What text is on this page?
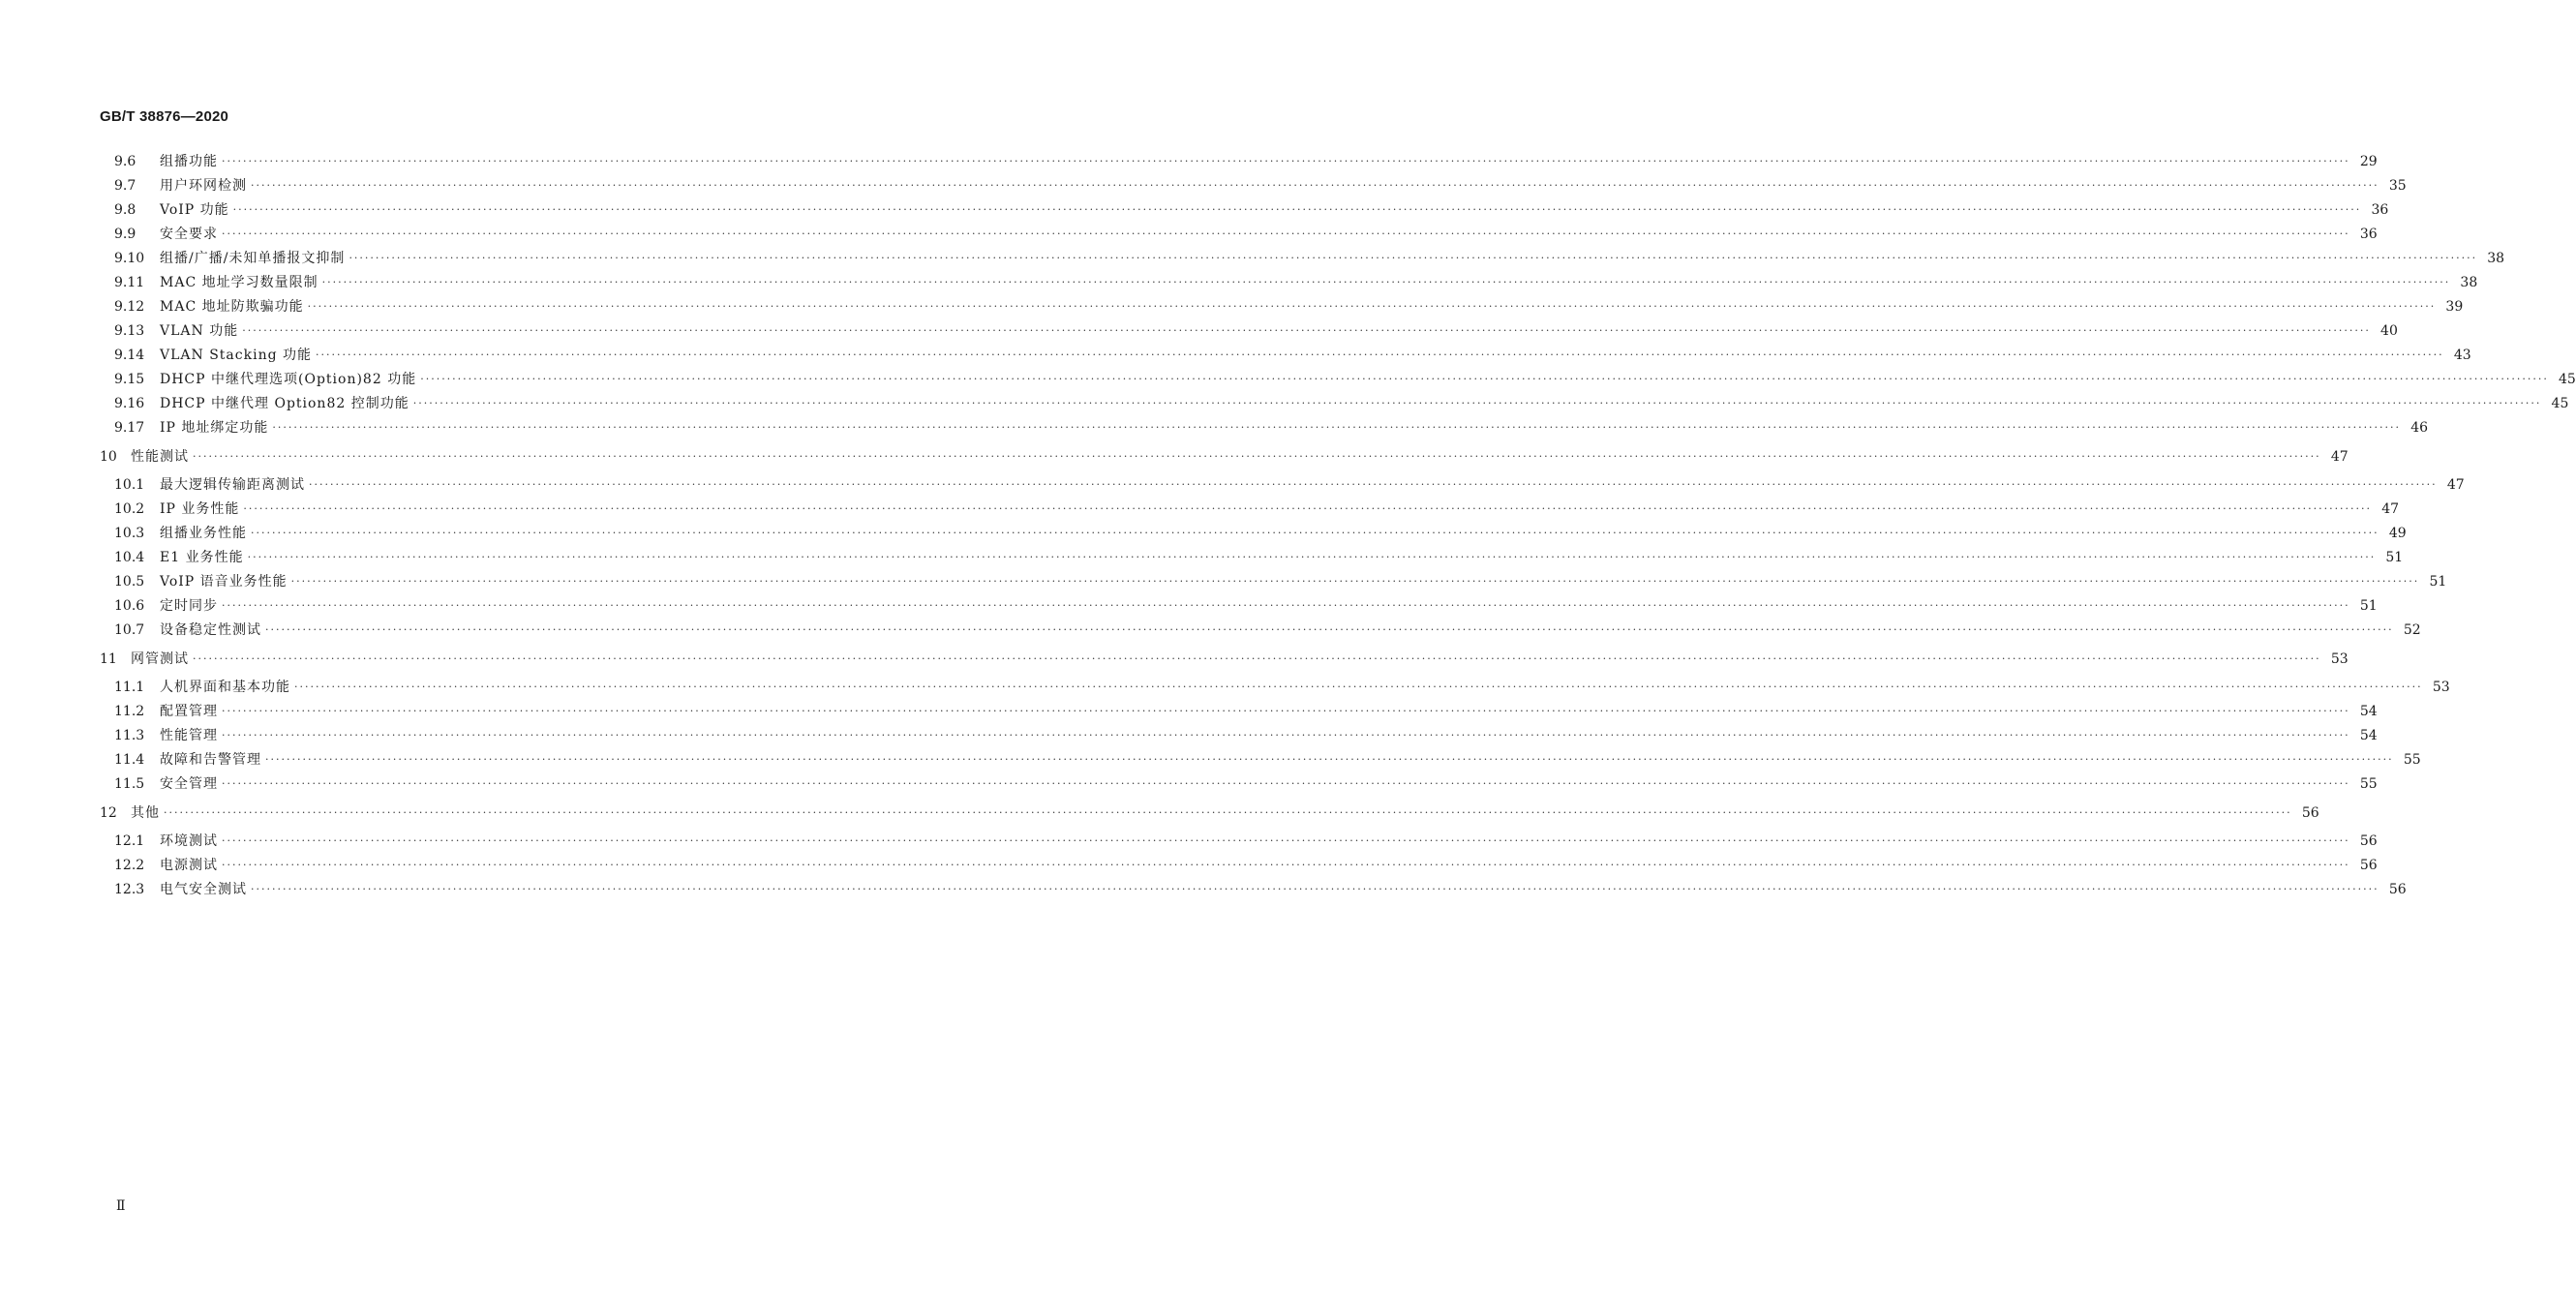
GB/T 38876—2020
9.6	组播功能 ················································································································································································································································································································································································································ 29
9.7	用户环网检测 ················································································································································································································································································································································································································ 35
9.8	VoIP 功能 ················································································································································································································································································································································································································ 36
9.9	安全要求 ················································································································································································································································································································································································································ 36
9.10	组播/广播/未知单播报文抑制 ················································································································································································································································································································································································································ 38
9.11	MAC 地址学习数量限制 ················································································································································································································································································································································································································ 38
9.12	MAC 地址防欺骗功能 ················································································································································································································································································································································································································ 39
9.13	VLAN 功能 ················································································································································································································································································································································································································ 40
9.14	VLAN Stacking 功能 ················································································································································································································································································································································································································ 43
9.15	DHCP 中继代理选项(Option)82 功能 ················································································································································································································································································································································································································ 45
9.16	DHCP 中继代理 Option82 控制功能 ················································································································································································································································································································································································································ 45
9.17	IP 地址绑定功能 ················································································································································································································································································································································································································ 46
10	性能测试 ················································································································································································································································································································································································································ 47
10.1	最大逻辑传输距离测试 ················································································································································································································································································································································································································ 47
10.2	IP 业务性能 ················································································································································································································································································································································································································ 47
10.3	组播业务性能 ················································································································································································································································································································································································································ 49
10.4	E1 业务性能 ················································································································································································································································································································································································································ 51
10.5	VoIP 语音业务性能 ················································································································································································································································································································································································································ 51
10.6	定时同步 ················································································································································································································································································································································································································ 51
10.7	设备稳定性测试 ················································································································································································································································································································································································································ 52
11	网管测试 ················································································································································································································································································································································································································ 53
11.1	人机界面和基本功能 ················································································································································································································································································································································································································ 53
11.2	配置管理 ················································································································································································································································································································································································································ 54
11.3	性能管理 ················································································································································································································································································································································································································ 54
11.4	故障和告警管理 ················································································································································································································································································································································································································ 55
11.5	安全管理 ················································································································································································································································································································································································································ 55
12	其他 ················································································································································································································································································································································································································ 56
12.1	环境测试 ················································································································································································································································································································································································································ 56
12.2	电源测试 ················································································································································································································································································································································································································ 56
12.3	电气安全测试 ················································································································································································································································································································································································································ 56
Ⅱ
